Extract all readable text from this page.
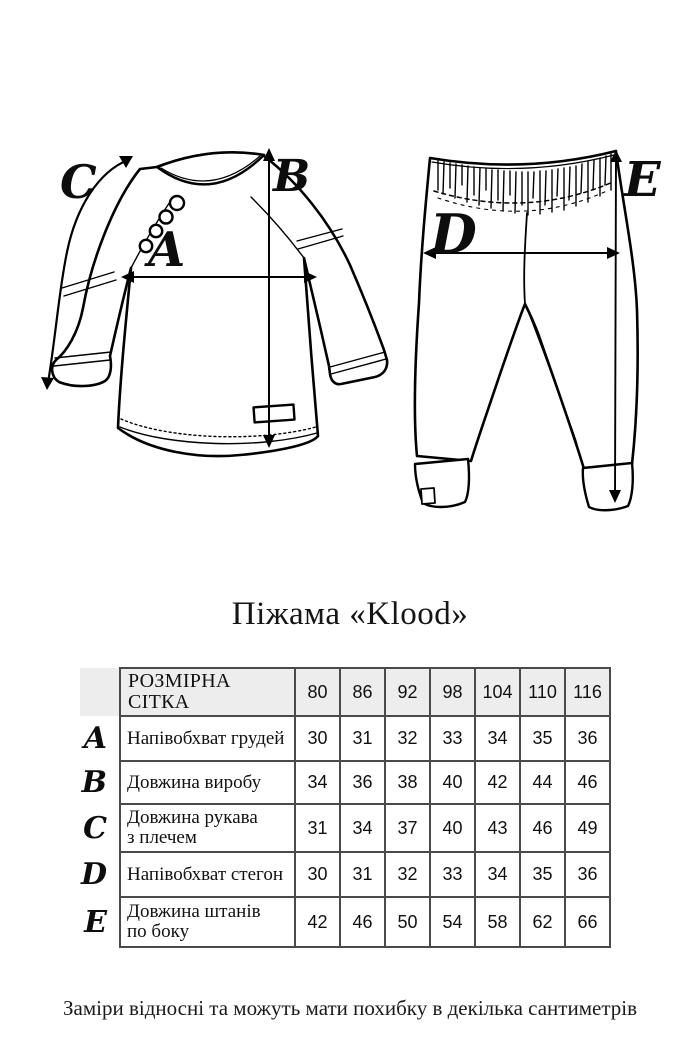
A
B
C
D
E
Піжама «Klood»
	РОЗМІРНА СІТКА	80	86	92	98	104	110	116
A	Напівобхват грудей	30	31	32	33	34	35	36
B	Довжина виробу	34	36	38	40	42	44	46
C	Довжина рукава
з плечем	31	34	37	40	43	46	49
D	Напівобхват стегон	30	31	32	33	34	35	36
E	Довжина штанів
по боку	42	46	50	54	58	62	66
Заміри відносні та можуть мати похибку в декілька сантиметрів
